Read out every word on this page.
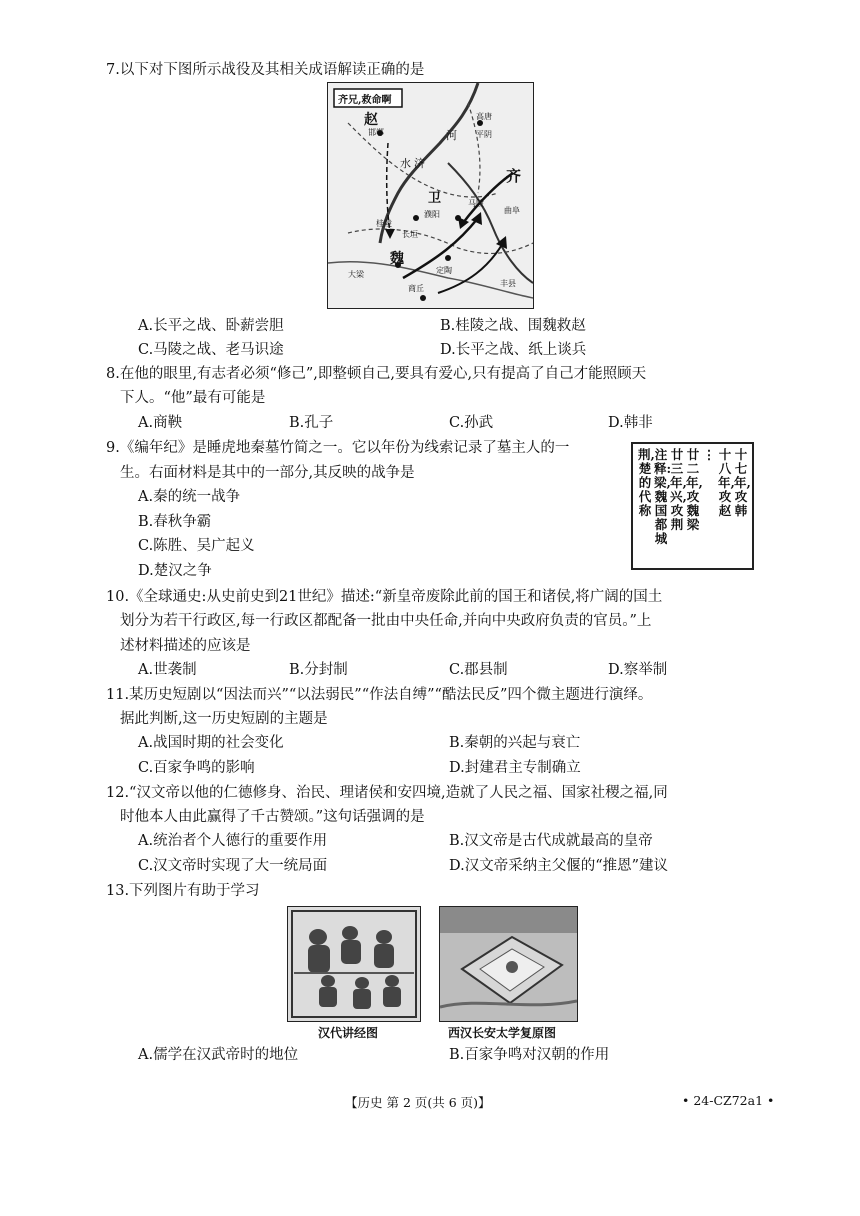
7.以下对下图所示战役及其相关成语解读正确的是
齐兄,救命啊
赵
邯郸	河
水 济
齐
卫
曲阜
魏
大梁
桂陵
马陵
长垣
定陶
商丘
丰县
濮阳
高唐
平阴
A.长平之战、卧薪尝胆	B.桂陵之战、围魏救赵
C.马陵之战、老马识途	D.长平之战、纸上谈兵
8.在他的眼里,有志者必须“修己”,即整顿自己,要具有爱心,只有提高了自己才能照顾天
下人。“他”最有可能是
A.商鞅	B.孔子	C.孙武	D.韩非
9.《编年纪》是睡虎地秦墓竹简之一。它以年份为线索记录了墓主人的一
生。右面材料是其中的一部分,其反映的战争是
A.秦的统一战争
B.春秋争霸
C.陈胜、吴广起义
D.楚汉之争
十七年,攻韩
十八年,攻赵
⋮
廿二年,攻魏梁
廿三年,兴,攻荆
注释:梁,魏国都城
荆,楚的代称
10.《全球通史:从史前史到21世纪》描述:“新皇帝废除此前的国王和诸侯,将广阔的国土
划分为若干行政区,每一行政区都配备一批由中央任命,并向中央政府负责的官员。”上
述材料描述的应该是
A.世袭制	B.分封制	C.郡县制	D.察举制
11.某历史短剧以“因法而兴”“以法弱民”“作法自缚”“酷法民反”四个微主题进行演绎。
据此判断,这一历史短剧的主题是
A.战国时期的社会变化	B.秦朝的兴起与衰亡
C.百家争鸣的影响	D.封建君主专制确立
12.“汉文帝以他的仁德修身、治民、理诸侯和安四境,造就了人民之福、国家社稷之福,同
时他本人由此赢得了千古赞颂。”这句话强调的是
A.统治者个人德行的重要作用	B.汉文帝是古代成就最高的皇帝
C.汉文帝时实现了大一统局面	D.汉文帝采纳主父偃的“推恩”建议
13.下列图片有助于学习
汉代讲经图	西汉长安太学复原图
A.儒学在汉武帝时的地位	B.百家争鸣对汉朝的作用
【历史 第 2 页(共 6 页)】	• 24-CZ72a1 •
